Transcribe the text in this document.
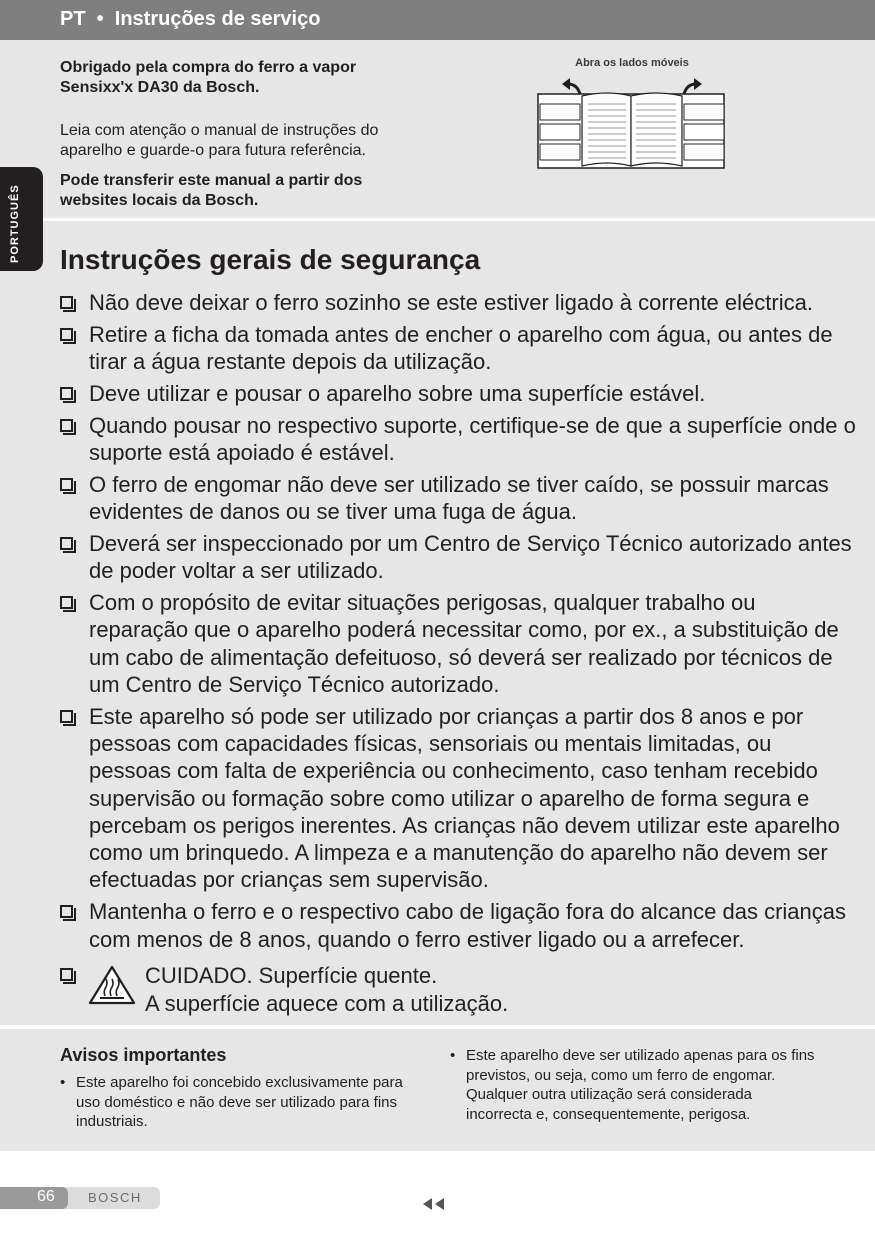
PT  •  Instruções de serviço
PORTUGUÊS
Obrigado pela compra do ferro a vapor Sensixx'x DA30 da Bosch.
Leia com atenção o manual de instruções do aparelho e guarde-o para futura referência.
Pode transferir este manual a partir dos websites locais da Bosch.
Abra os lados móveis
Instruções gerais de segurança
Não deve deixar o ferro sozinho se este estiver ligado à corrente eléctrica.
Retire a ficha da tomada antes de encher o aparelho com água, ou antes de tirar a água restante depois da utilização.
Deve utilizar e pousar o aparelho sobre uma superfície estável.
Quando pousar no respectivo suporte, certifique-se de que a superfície onde o suporte está apoiado é estável.
O ferro de engomar não deve ser utilizado se tiver caído, se possuir marcas evidentes de danos ou se tiver uma fuga de água.
Deverá ser inspeccionado por um Centro de Serviço Técnico autorizado antes de poder voltar a ser utilizado.
Com o propósito de evitar situações perigosas, qualquer trabalho ou reparação que o aparelho poderá necessitar como, por ex., a substituição de um cabo de alimentação defeituoso, só deverá ser realizado por técnicos de um Centro de Serviço Técnico autorizado.
Este aparelho só pode ser utilizado por crianças a partir dos 8 anos e por pessoas com capacidades físicas, sensoriais ou mentais limitadas, ou pessoas com falta de experiência ou conhecimento, caso tenham recebido supervisão ou formação sobre como utilizar o aparelho de forma segura e percebam os perigos inerentes. As crianças não devem utilizar este aparelho como um brinquedo. A limpeza e a manutenção do aparelho não devem ser efectuadas por crianças sem supervisão.
Mantenha o ferro e o respectivo cabo de ligação fora do alcance das crianças com menos de 8 anos, quando o ferro estiver ligado ou a arrefecer.
CUIDADO. Superfície quente.
A superfície aquece com a utilização.
Avisos importantes
• Este aparelho foi concebido exclusivamente para uso doméstico e não deve ser utilizado para fins industriais.
• Este aparelho deve ser utilizado apenas para os fins previstos, ou seja, como um ferro de engomar. Qualquer outra utilização será considerada incorrecta e, consequentemente, perigosa.
66	BOSCH
